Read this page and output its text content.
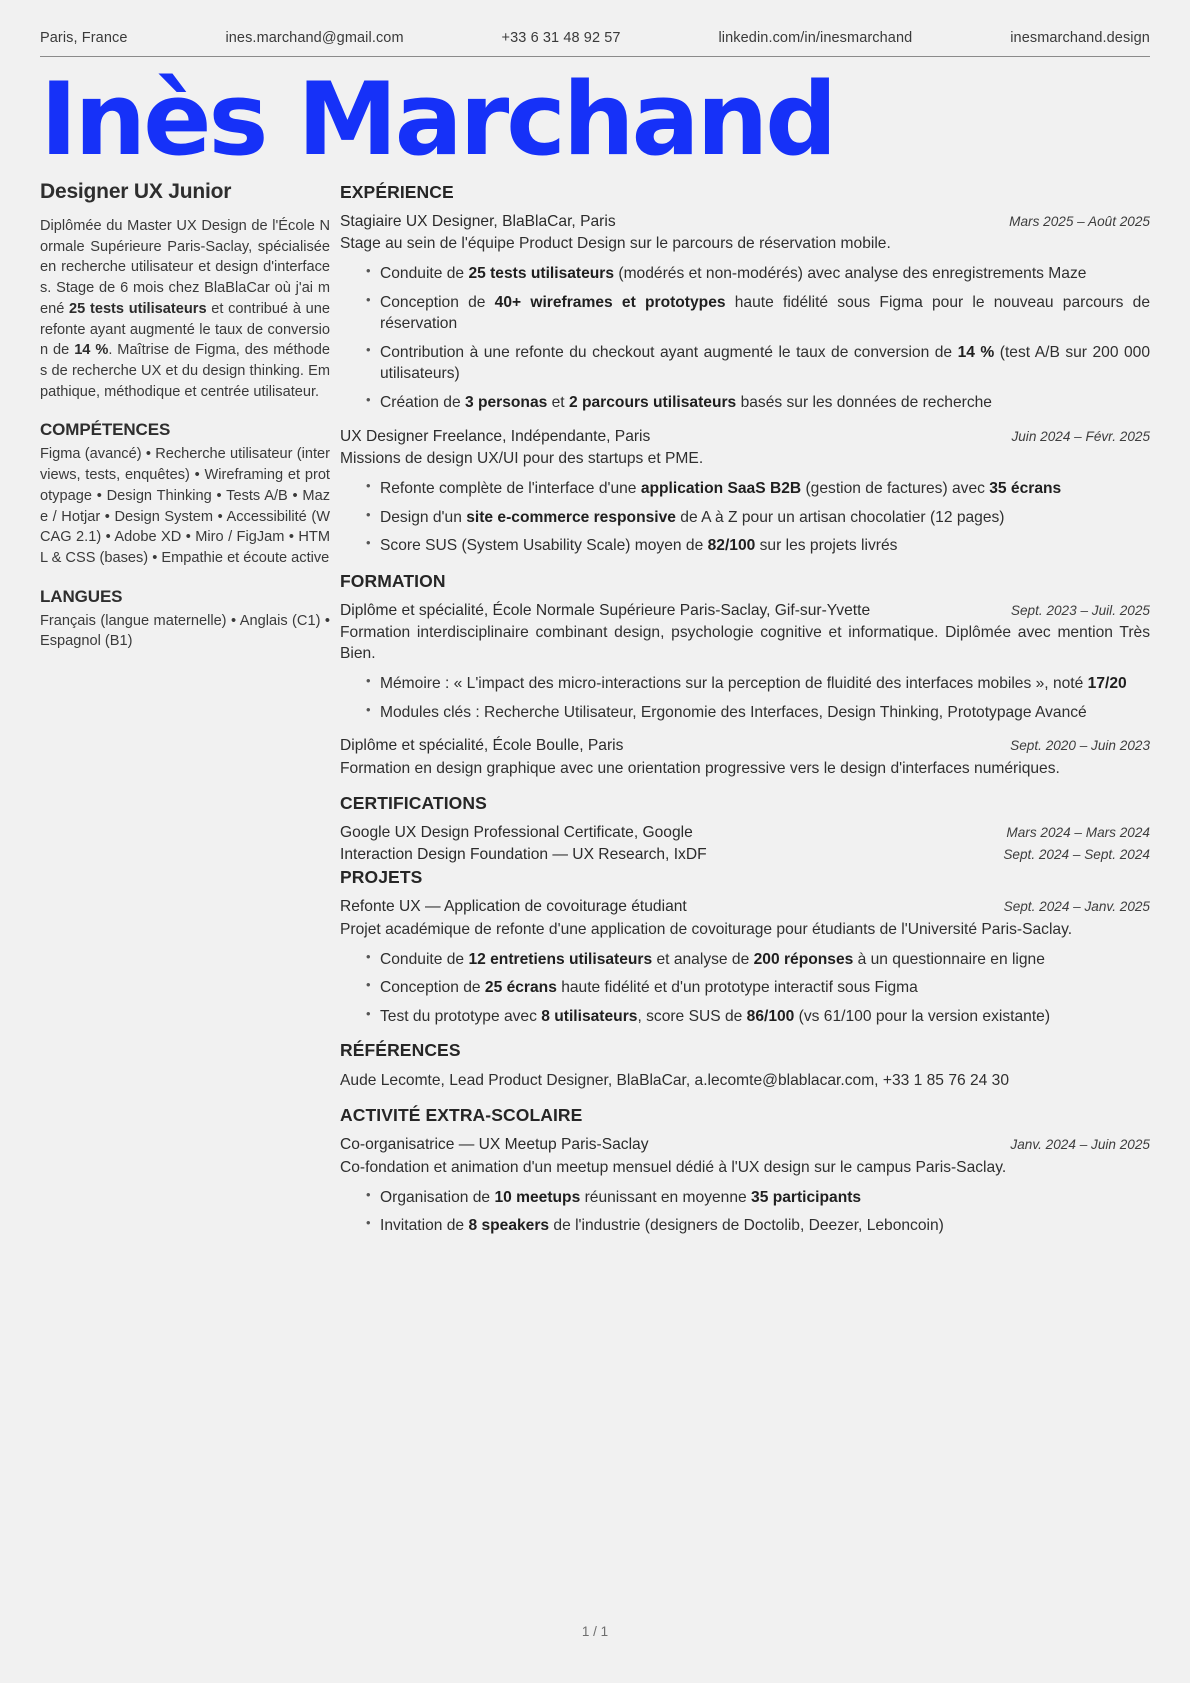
Paris, France	ines.marchand@gmail.com	+33 6 31 48 92 57	linkedin.com/in/inesmarchand	inesmarchand.design
Inès Marchand
Designer UX Junior

Diplômée du Master UX Design de l'École Normale Supérieure Paris-Saclay, spécialisée en recherche utilisateur et design d'interfaces. Stage de 6 mois chez BlaBlaCar où j'ai mené 25 tests utilisateurs et contribué à une refonte ayant augmenté le taux de conversion de 14 %. Maîtrise de Figma, des méthodes de recherche UX et du design thinking. Empathique, méthodique et centrée utilisateur.

COMPÉTENCES

Figma (avancé) • Recherche utilisateur (interviews, tests, enquêtes) • Wireframing et prototypage • Design Thinking • Tests A/B • Maze / Hotjar • Design System • Accessibilité (WCAG 2.1) • Adobe XD • Miro / FigJam • HTML & CSS (bases) • Empathie et écoute active

LANGUES

Français (langue maternelle) • Anglais (C1) • Espagnol (B1)

EXPÉRIENCE
Stagiaire UX Designer, BlaBlaCar, Paris	Mars 2025 – Août 2025

Stage au sein de l'équipe Product Design sur le parcours de réservation mobile.

• Conduite de 25 tests utilisateurs (modérés et non-modérés) avec analyse des enregistrements Maze
• Conception de 40+ wireframes et prototypes haute fidélité sous Figma pour le nouveau parcours de réservation
• Contribution à une refonte du checkout ayant augmenté le taux de conversion de 14 % (test A/B sur 200 000 utilisateurs)
• Création de 3 personas et 2 parcours utilisateurs basés sur les données de recherche
UX Designer Freelance, Indépendante, Paris	Juin 2024 – Févr. 2025

Missions de design UX/UI pour des startups et PME.

• Refonte complète de l'interface d'une application SaaS B2B (gestion de factures) avec 35 écrans
• Design d'un site e-commerce responsive de A à Z pour un artisan chocolatier (12 pages)
• Score SUS (System Usability Scale) moyen de 82/100 sur les projets livrés
FORMATION
Diplôme et spécialité, École Normale Supérieure Paris-Saclay, Gif-sur-Yvette	Sept. 2023 – Juil. 2025

Formation interdisciplinaire combinant design, psychologie cognitive et informatique. Diplômée avec mention Très Bien.

• Mémoire : « L'impact des micro-interactions sur la perception de fluidité des interfaces mobiles », noté 17/20
• Modules clés : Recherche Utilisateur, Ergonomie des Interfaces, Design Thinking, Prototypage Avancé
Diplôme et spécialité, École Boulle, Paris	Sept. 2020 – Juin 2023

Formation en design graphique avec une orientation progressive vers le design d'interfaces numériques.

CERTIFICATIONS
Google UX Design Professional Certificate, Google	Mars 2024 – Mars 2024
Interaction Design Foundation — UX Research, IxDF	Sept. 2024 – Sept. 2024
PROJETS
Refonte UX — Application de covoiturage étudiant	Sept. 2024 – Janv. 2025

Projet académique de refonte d'une application de covoiturage pour étudiants de l'Université Paris-Saclay.

• Conduite de 12 entretiens utilisateurs et analyse de 200 réponses à un questionnaire en ligne
• Conception de 25 écrans haute fidélité et d'un prototype interactif sous Figma
• Test du prototype avec 8 utilisateurs, score SUS de 86/100 (vs 61/100 pour la version existante)
RÉFÉRENCES

Aude Lecomte, Lead Product Designer, BlaBlaCar, a.lecomte@blablacar.com, +33 1 85 76 24 30

ACTIVITÉ EXTRA-SCOLAIRE
Co-organisatrice — UX Meetup Paris-Saclay	Janv. 2024 – Juin 2025

Co-fondation et animation d'un meetup mensuel dédié à l'UX design sur le campus Paris-Saclay.

• Organisation de 10 meetups réunissant en moyenne 35 participants
• Invitation de 8 speakers de l'industrie (designers de Doctolib, Deezer, Leboncoin)
1 / 1
